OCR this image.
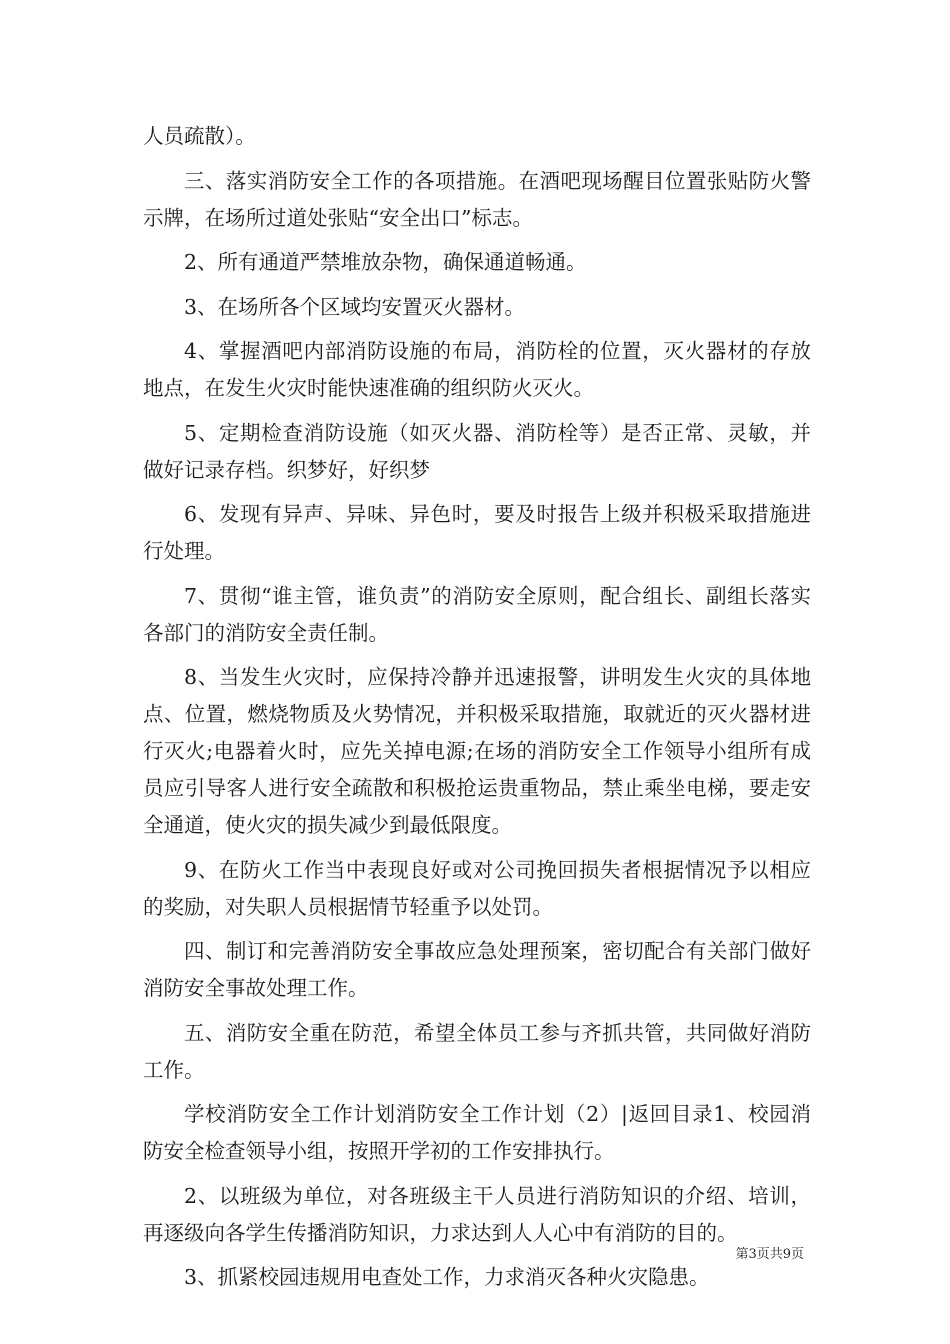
人员疏散）。

三、落实消防安全工作的各项措施。在酒吧现场醒目位置张贴防火警示牌，在场所过道处张贴“安全出口”标志。

2、所有通道严禁堆放杂物，确保通道畅通。

3、在场所各个区域均安置灭火器材。

4、掌握酒吧内部消防设施的布局，消防栓的位置，灭火器材的存放地点，在发生火灾时能快速准确的组织防火灭火。

5、定期检查消防设施（如灭火器、消防栓等）是否正常、灵敏，并做好记录存档。织梦好，好织梦

6、发现有异声、异味、异色时，要及时报告上级并积极采取措施进行处理。

7、贯彻“谁主管，谁负责”的消防安全原则，配合组长、副组长落实各部门的消防安全责任制。

8、当发生火灾时，应保持冷静并迅速报警，讲明发生火灾的具体地点、位置，燃烧物质及火势情况，并积极采取措施，取就近的灭火器材进行灭火;电器着火时，应先关掉电源;在场的消防安全工作领导小组所有成员应引导客人进行安全疏散和积极抢运贵重物品，禁止乘坐电梯，要走安全通道，使火灾的损失减少到最低限度。

9、在防火工作当中表现良好或对公司挽回损失者根据情况予以相应的奖励，对失职人员根据情节轻重予以处罚。

四、制订和完善消防安全事故应急处理预案，密切配合有关部门做好消防安全事故处理工作。

五、消防安全重在防范，希望全体员工参与齐抓共管，共同做好消防工作。

学校消防安全工作计划消防安全工作计划（2）|返回目录1、校园消防安全检查领导小组，按照开学初的工作安排执行。

2、以班级为单位，对各班级主干人员进行消防知识的介绍、培训，再逐级向各学生传播消防知识，力求达到人人心中有消防的目的。

3、抓紧校园违规用电查处工作，力求消灭各种火灾隐患。

第3页共9页
